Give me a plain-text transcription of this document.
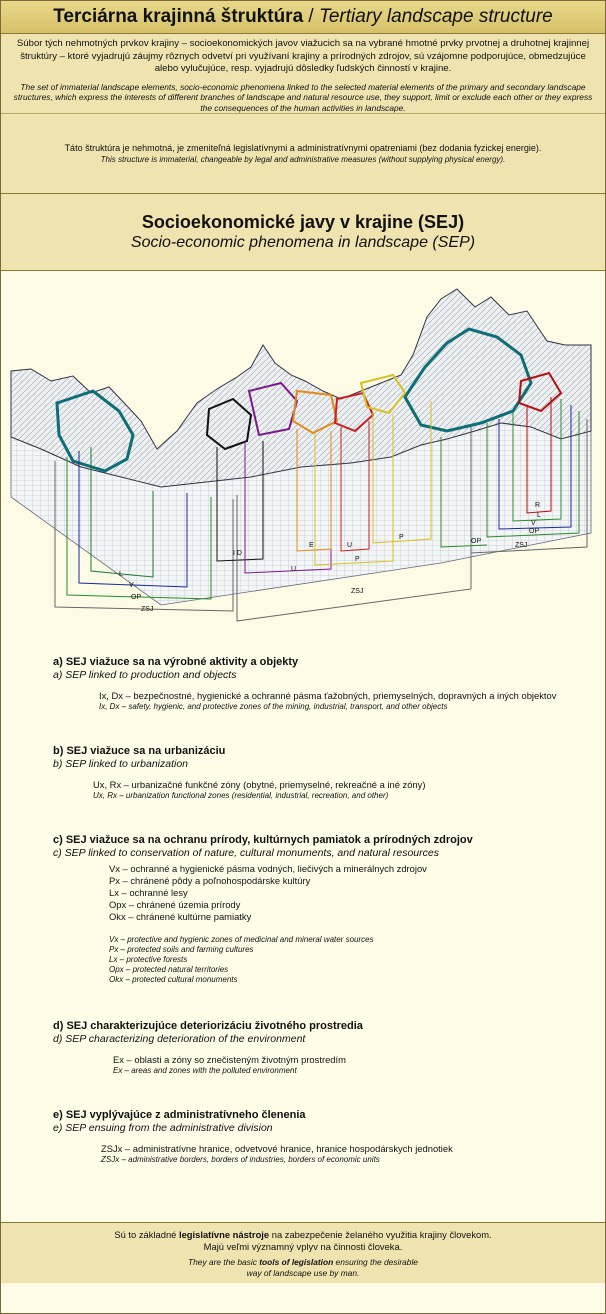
Terciárna krajinná štruktúra / Tertiary landscape structure

Súbor tých nehmotných prvkov krajiny – socioekonomických javov viažucich sa na vybrané hmotné prvky prvotnej a druhotnej krajinnej štruktúry – ktoré vyjadrujú záujmy rôznych odvetví pri využívaní krajiny a prírodných zdrojov, sú vzájomne podporujúce, obmedzujúce alebo vylučujúce, resp. vyjadrujú dôsledky ľudských činností v krajine.

The set of immaterial landscape elements, socio-economic phenomena linked to the selected material elements of the primary and secondary landscape structures, which express the interests of different branches of landscape and natural resource use, they support, limit or exclude each other or they express the consequences of the human activities in landscape.

Táto štruktúra je nehmotná, je zmeniteľná legislatívnymi a administratívnymi opatreniami (bez dodania fyzickej energie).
This structure is immaterial, changeable by legal and administrative measures (without supplying physical energy).
Socioekonomické javy v krajine (SEJ)
Socio-economic phenomena in landscape (SEP)
L
V
OP
ZSJ
I D
U
E	U
P
P
ZSJ
R
L
V
OP
OP
ZSJ
a) SEJ viažuce sa na výrobné aktivity a objekty
a) SEP linked to production and objects
Ix, Dx – bezpečnostné, hygienické a ochranné pásma ťažobných, priemyselných, dopravných a iných objektov
Ix, Dx – safety, hygienic, and protective zones of the mining, industrial, transport, and other objects
b) SEJ viažuce sa na urbanizáciu
b) SEP linked to urbanization
Ux, Rx – urbanizačné funkčné zóny (obytné, priemyselné, rekreačné a iné zóny)
Ux, Rx – urbanization functional zones (residential, industrial, recreation, and other)
c) SEJ viažuce sa na ochranu prírody, kultúrnych pamiatok a prírodných zdrojov
c) SEP linked to conservation of nature, cultural monuments, and natural resources
Vx – ochranné a hygienické pásma vodných, liečivých a minerálnych zdrojov
Px – chránené pôdy a poľnohospodárske kultúry
Lx – ochranné lesy
Opx – chránené územia prírody
Okx – chránené kultúrne pamiatky
Vx – protective and hygienic zones of medicinal and mineral water sources
Px – protected soils and farming cultures
Lx – protective forests
Opx – protected natural territories
Okx – protected cultural monuments
d) SEJ charakterizujúce deteriorizáciu životného prostredia
d) SEP characterizing deterioration of the environment
Ex – oblasti a zóny so znečisteným životným prostredím
Ex – areas and zones with the polluted environment
e) SEJ vyplývajúce z administratívneho členenia
e) SEP ensuing from the administrative division
ZSJx – administratívne hranice, odvetvové hranice, hranice hospodárskych jednotiek
ZSJx – administrative borders, borders of industries, borders of economic units
Sú to základné legislatívne nástroje na zabezpečenie želaného využitia krajiny človekom.
Majú veľmi významný vplyv na činnosti človeka.
They are the basic tools of legislation ensuring the desirable
way of landscape use by man.
